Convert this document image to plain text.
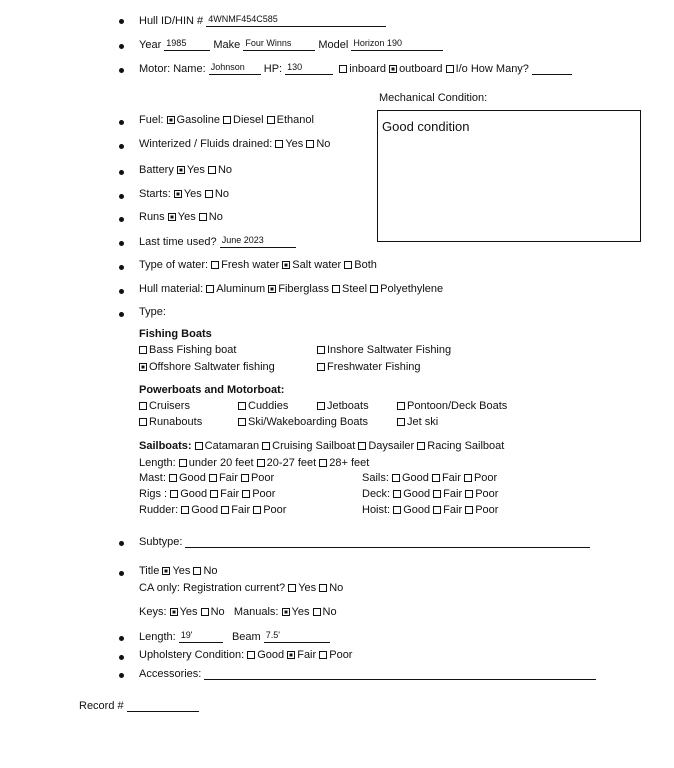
Hull ID/HIN # 4WNMF454C585
Year 1985 Make Four Winns Model Horizon 190
Motor: Name: Johnson HP: 130	inboard outboard I/o How Many?
Mechanical Condition:
Good condition
Fuel: Gasoline Diesel Ethanol
Winterized / Fluids drained: Yes No
Battery Yes No
Starts: Yes No
Runs Yes No
Last time used? June 2023
Type of water: Fresh water Salt water Both
Hull material: Aluminum Fiberglass Steel Polyethylene
Type:
Fishing Boats
Bass Fishing boat	Inshore Saltwater Fishing
Offshore Saltwater fishing	Freshwater Fishing
Powerboats and Motorboat:
Cruisers	Cuddies	Jetboats	Pontoon/Deck Boats
Runabouts	Ski/Wakeboarding Boats	Jet ski
Sailboats: Catamaran Cruising Sailboat Daysailer Racing Sailboat
Length: under 20 feet 20-27 feet 28+ feet
Mast: Good Fair Poor	Sails: Good Fair Poor
Rigs : Good Fair Poor	Deck: Good Fair Poor
Rudder: Good Fair Poor	Hoist: Good Fair Poor
Subtype:
Title Yes No
CA only: Registration current? Yes No
Keys: Yes No Manuals: Yes No
Length: 19'	Beam 7.5'
Upholstery Condition: Good Fair Poor
Accessories:
Record #
